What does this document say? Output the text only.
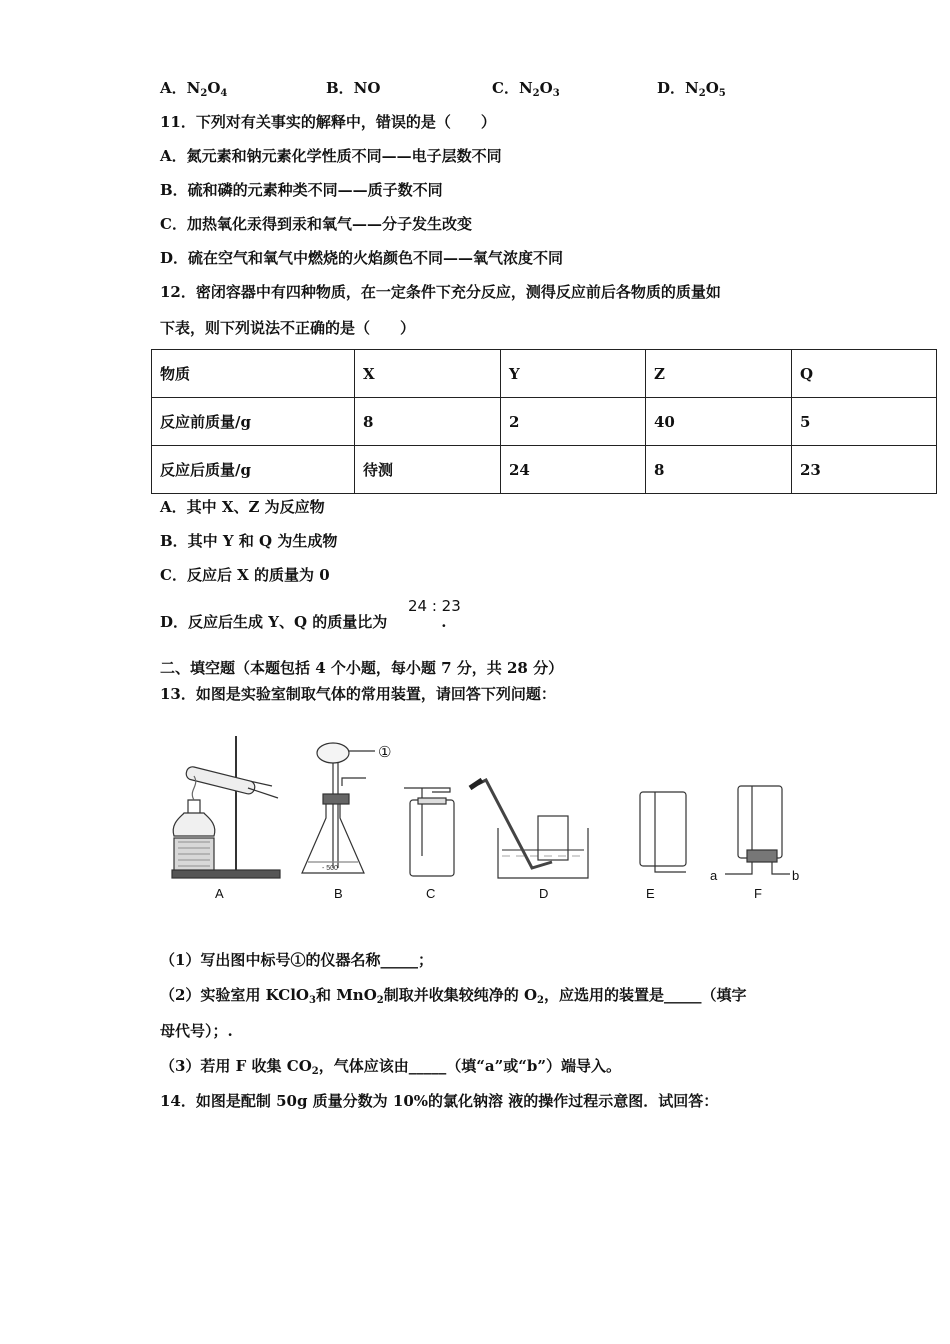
A．$N_2O_4$	B．NO	C．$N_2O_3$	D．$N_2O_5$
11．下列对有关事实的解释中，错误的是（　　）
A．氮元素和钠元素化学性质不同——电子层数不同
B．硫和磷的元素种类不同——质子数不同
C．加热氧化汞得到汞和氧气——分子发生改变
D．硫在空气和氧气中燃烧的火焰颜色不同——氧气浓度不同
12．密闭容器中有四种物质，在一定条件下充分反应，测得反应前后各物质的质量如
下表，则下列说法不正确的是（　　）
物质	X	Y	Z	Q
反应前质量/g	8	2	40	5
反应后质量/g	待测	24	8	23
A．其中 X、Z 为反应物
B．其中 Y 和 Q 为生成物
C．反应后 X 的质量为 0
D．反应后生成 Y、Q 的质量比为	.
24 : 23
二、填空题（本题包括 4 个小题，每小题 7 分，共 28 分）
13．如图是实验室制取气体的常用装置，请回答下列问题：
- 500
①
a	b
A	B	C	D	E	F
（1）写出图中标号①的仪器名称_____；
（2）实验室用 KClO$_3$和 MnO$_2$制取并收集较纯净的 $O_2$，应选用的装置是_____（填字
母代号）；.
（3）若用 F 收集 $CO_2$，气体应该由_____（填“a”或“b”）端导入。
14．如图是配制 50g 质量分数为 10%的氯化钠溶 液的操作过程示意图．试回答：
